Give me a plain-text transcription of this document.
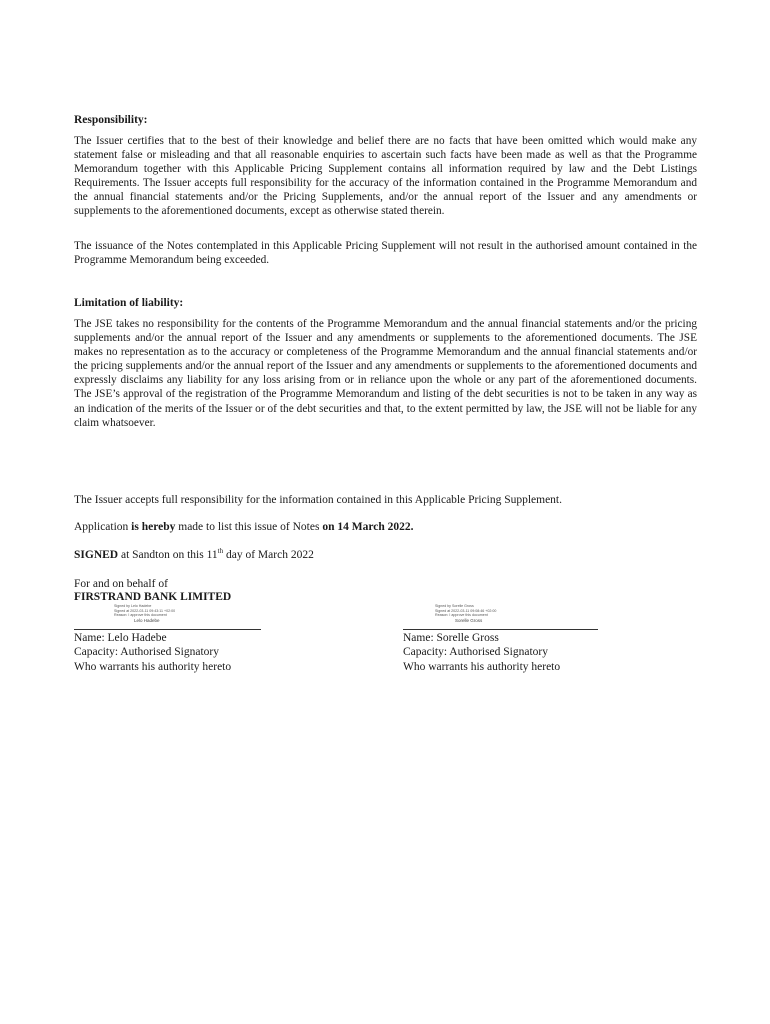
Responsibility:

The Issuer certifies that to the best of their knowledge and belief there are no facts that have been omitted which would make any statement false or misleading and that all reasonable enquiries to ascertain such facts have been made as well as that the Programme Memorandum together with this Applicable Pricing Supplement contains all information required by law and the Debt Listings Requirements. The Issuer accepts full responsibility for the accuracy of the information contained in the Programme Memorandum and the annual financial statements and/or the Pricing Supplements, and/or the annual report of the Issuer and any amendments or supplements to the aforementioned documents, except as otherwise stated therein.

The issuance of the Notes contemplated in this Applicable Pricing Supplement will not result in the authorised amount contained in the Programme Memorandum being exceeded.

Limitation of liability:

The JSE takes no responsibility for the contents of the Programme Memorandum and the annual financial statements and/or the pricing supplements and/or the annual report of the Issuer and any amendments or supplements to the aforementioned documents. The JSE makes no representation as to the accuracy or completeness of the Programme Memorandum and the annual financial statements and/or the pricing supplements and/or the annual report of the Issuer and any amendments or supplements to the aforementioned documents and expressly disclaims any liability for any loss arising from or in reliance upon the whole or any part of the aforementioned documents. The JSE’s approval of the registration of the Programme Memorandum and listing of the debt securities is not to be taken in any way as an indication of the merits of the Issuer or of the debt securities and that, to the extent permitted by law, the JSE will not be liable for any claim whatsoever.

The Issuer accepts full responsibility for the information contained in this Applicable Pricing Supplement.

Application is hereby made to list this issue of Notes on 14 March 2022.

SIGNED at Sandton on this 11th day of March 2022

For and on behalf of

FIRSTRAND BANK LIMITED

Signed by Lelo Hadebe
Signed at 2022-03-11 09:43:11 +02:00
Reason: I approve this document
Lelo Hadebe
Name: Lelo Hadebe
Capacity: Authorised Signatory
Who warrants his authority hereto
Signed by Sorelle Gross
Signed at 2022-03-11 09:08:46 +02:00
Reason: I approve this document
Sorelle Gross
Name: Sorelle Gross
Capacity: Authorised Signatory
Who warrants his authority hereto
